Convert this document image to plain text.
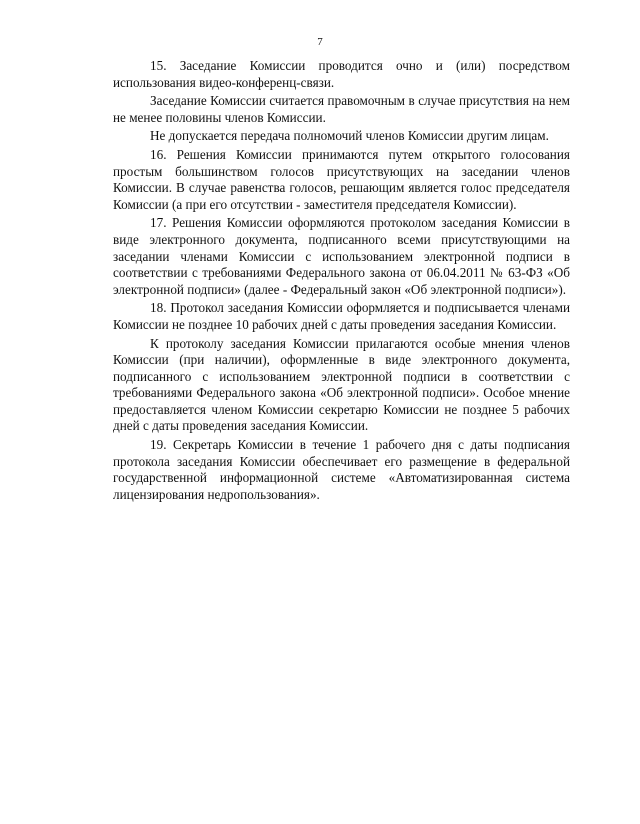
7

15. Заседание Комиссии проводится очно и (или) посредством использования видео-конференц-связи.

Заседание Комиссии считается правомочным в случае присутствия на нем не менее половины членов Комиссии.

Не допускается передача полномочий членов Комиссии другим лицам.

16. Решения Комиссии принимаются путем открытого голосования простым большинством голосов присутствующих на заседании членов Комиссии. В случае равенства голосов, решающим является голос председателя Комиссии (а при его отсутствии - заместителя председателя Комиссии).

17. Решения Комиссии оформляются протоколом заседания Комиссии в виде электронного документа, подписанного всеми присутствующими на заседании членами Комиссии с использованием электронной подписи в соответствии с требованиями Федерального закона от 06.04.2011 № 63-ФЗ «Об электронной подписи» (далее - Федеральный закон «Об электронной подписи»).

18. Протокол заседания Комиссии оформляется и подписывается членами Комиссии не позднее 10 рабочих дней с даты проведения заседания Комиссии.

К протоколу заседания Комиссии прилагаются особые мнения членов Комиссии (при наличии), оформленные в виде электронного документа, подписанного с использованием электронной подписи в соответствии с требованиями Федерального закона «Об электронной подписи». Особое мнение предоставляется членом Комиссии секретарю Комиссии не позднее 5 рабочих дней с даты проведения заседания Комиссии.

19. Секретарь Комиссии в течение 1 рабочего дня с даты подписания протокола заседания Комиссии обеспечивает его размещение в федеральной государственной информационной системе «Автоматизированная система лицензирования недропользования».
